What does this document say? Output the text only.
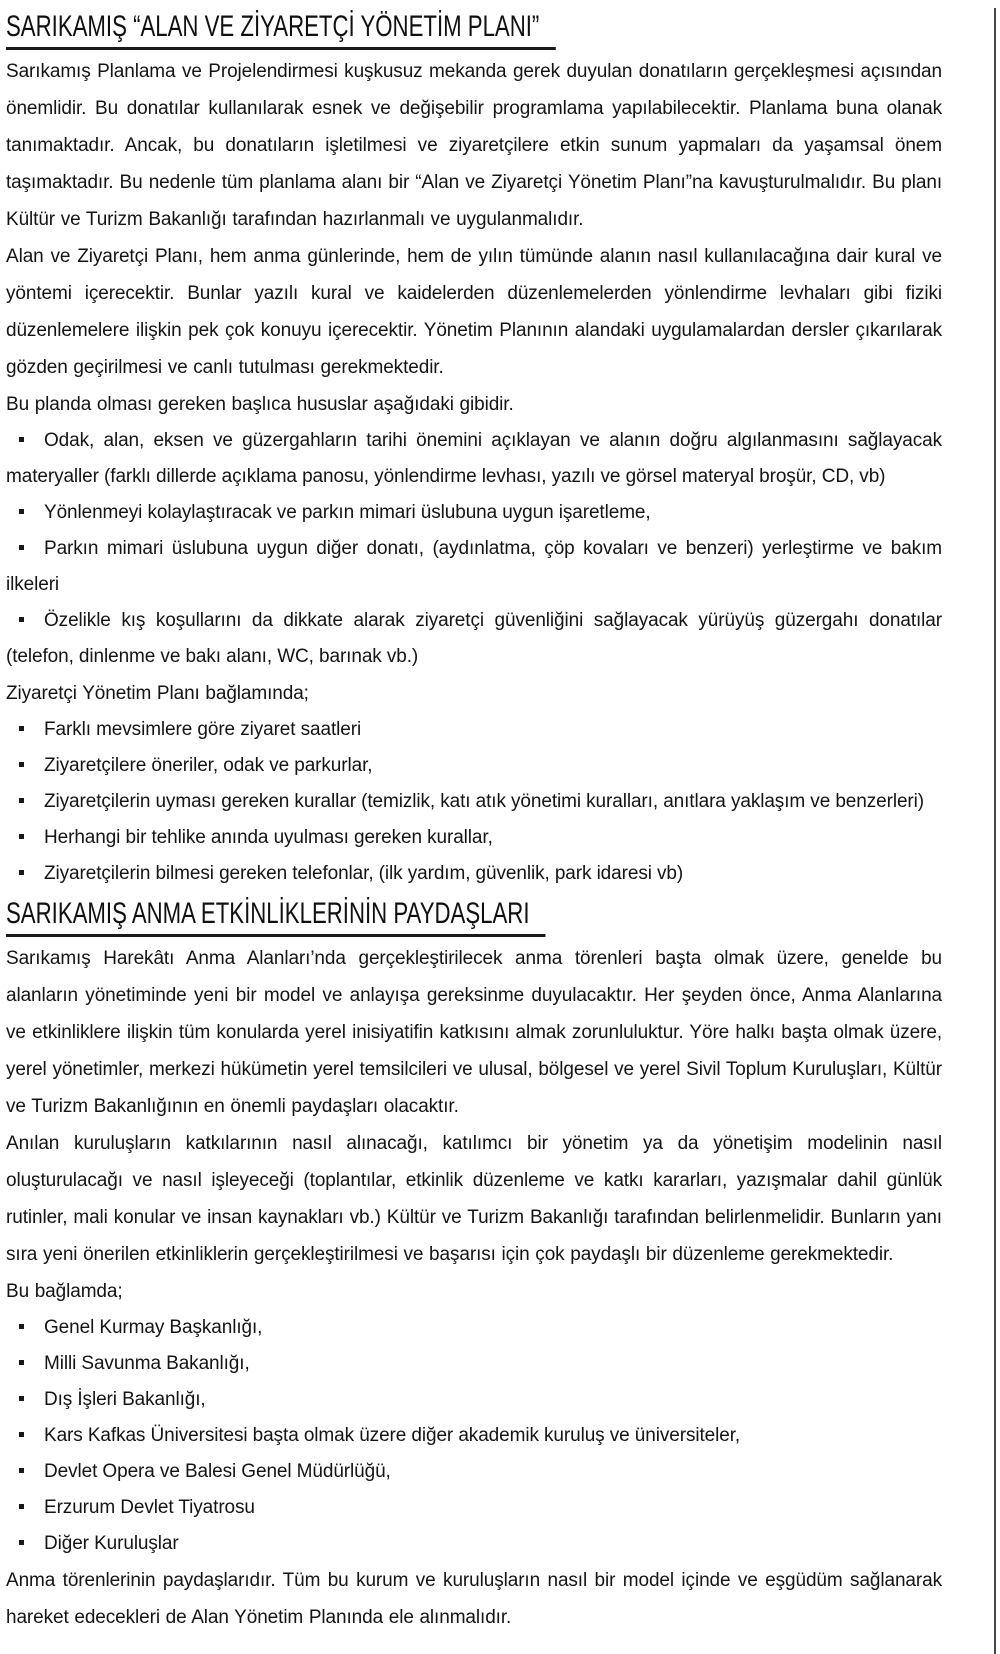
SARIKAMIŞ “ALAN VE ZİYARETÇİ YÖNETİM PLANI”
Sarıkamış Planlama ve Projelendirmesi kuşkusuz mekanda gerek duyulan donatıların gerçekleşmesi açısından önemlidir. Bu donatılar kullanılarak esnek ve değişebilir programlama yapılabilecektir. Planlama buna olanak tanımaktadır. Ancak, bu donatıların işletilmesi ve ziyaretçilere etkin sunum yapmaları da yaşamsal önem taşımaktadır. Bu nedenle tüm planlama alanı bir “Alan ve Ziyaretçi Yönetim Planı”na kavuşturulmalıdır. Bu planı Kültür ve Turizm Bakanlığı tarafından hazırlanmalı ve uygulanmalıdır.
Alan ve Ziyaretçi Planı, hem anma günlerinde, hem de yılın tümünde alanın nasıl kullanılacağına dair kural ve yöntemi içerecektir. Bunlar yazılı kural ve kaidelerden düzenlemelerden yönlendirme levhaları gibi fiziki düzenlemelere ilişkin pek çok konuyu içerecektir. Yönetim Planının alandaki uygulamalardan dersler çıkarılarak gözden geçirilmesi ve canlı tutulması gerekmektedir.
Bu planda olması gereken başlıca hususlar aşağıdaki gibidir.
Odak, alan, eksen ve güzergahların tarihi önemini açıklayan ve alanın doğru algılanmasını sağlayacak materyaller (farklı dillerde açıklama panosu, yönlendirme levhası, yazılı ve görsel materyal broşür, CD, vb)
Yönlenmeyi kolaylaştıracak ve parkın mimari üslubuna uygun işaretleme,
Parkın mimari üslubuna uygun diğer donatı, (aydınlatma, çöp kovaları ve benzeri) yerleştirme ve bakım ilkeleri
Özelikle kış koşullarını da dikkate alarak ziyaretçi güvenliğini sağlayacak yürüyüş güzergahı donatılar (telefon, dinlenme ve bakı alanı, WC, barınak vb.)
Ziyaretçi Yönetim Planı bağlamında;
Farklı mevsimlere göre ziyaret saatleri
Ziyaretçilere öneriler, odak ve parkurlar,
Ziyaretçilerin uyması gereken kurallar (temizlik, katı atık yönetimi kuralları, anıtlara yaklaşım ve benzerleri)
Herhangi bir tehlike anında uyulması gereken kurallar,
Ziyaretçilerin bilmesi gereken telefonlar, (ilk yardım, güvenlik, park idaresi vb)
SARIKAMIŞ ANMA ETKİNLİKLERİNİN PAYDAŞLARI
Sarıkamış Harekâtı Anma Alanları’nda gerçekleştirilecek anma törenleri başta olmak üzere, genelde bu alanların yönetiminde yeni bir model ve anlayışa gereksinme duyulacaktır. Her şeyden önce, Anma Alanlarına ve etkinliklere ilişkin tüm konularda yerel inisiyatifin katkısını almak zorunluluktur. Yöre halkı başta olmak üzere, yerel yönetimler, merkezi hükümetin yerel temsilcileri ve ulusal, bölgesel ve yerel Sivil Toplum Kuruluşları, Kültür ve Turizm Bakanlığının en önemli paydaşları olacaktır.
Anılan kuruluşların katkılarının nasıl alınacağı, katılımcı bir yönetim ya da yönetişim modelinin nasıl oluşturulacağı ve nasıl işleyeceği (toplantılar, etkinlik düzenleme ve katkı kararları, yazışmalar dahil günlük rutinler, mali konular ve insan kaynakları vb.) Kültür ve Turizm Bakanlığı tarafından belirlenmelidir. Bunların yanı sıra yeni önerilen etkinliklerin gerçekleştirilmesi ve başarısı için çok paydaşlı bir düzenleme gerekmektedir.
Bu bağlamda;
Genel Kurmay Başkanlığı,
Milli Savunma Bakanlığı,
Dış İşleri Bakanlığı,
Kars Kafkas Üniversitesi başta olmak üzere diğer akademik kuruluş ve üniversiteler,
Devlet Opera ve Balesi Genel Müdürlüğü,
Erzurum Devlet Tiyatrosu
Diğer Kuruluşlar
Anma törenlerinin paydaşlarıdır. Tüm bu kurum ve kuruluşların nasıl bir model içinde ve eşgüdüm sağlanarak hareket edecekleri de Alan Yönetim Planında ele alınmalıdır.
